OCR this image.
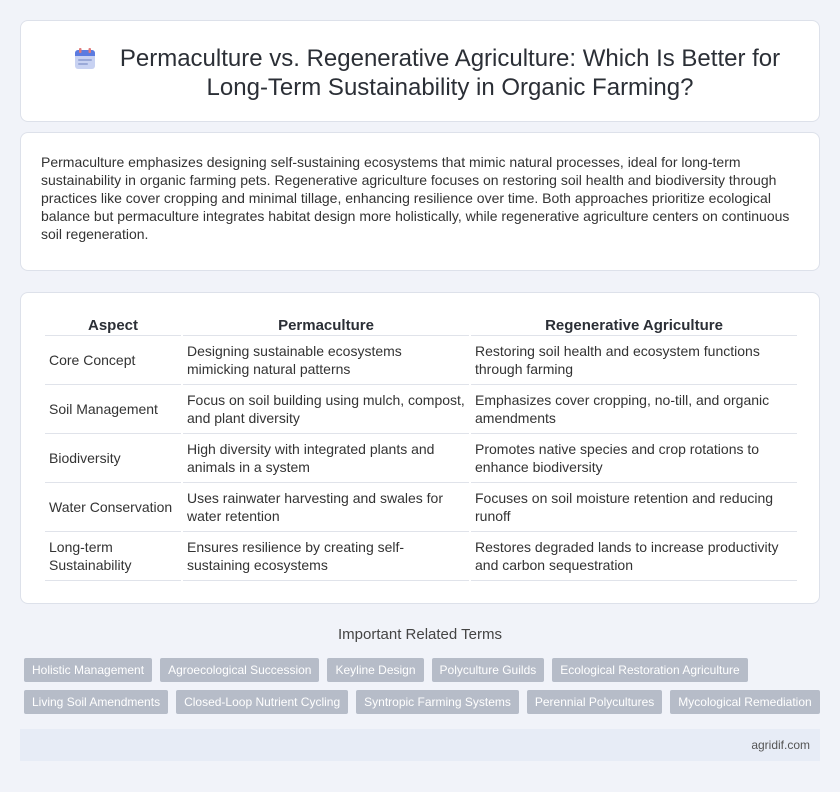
Permaculture vs. Regenerative Agriculture: Which Is Better for Long-Term Sustainability in Organic Farming?

Permaculture emphasizes designing self-sustaining ecosystems that mimic natural processes, ideal for long-term sustainability in organic farming pets. Regenerative agriculture focuses on restoring soil health and biodiversity through practices like cover cropping and minimal tillage, enhancing resilience over time. Both approaches prioritize ecological balance but permaculture integrates habitat design more holistically, while regenerative agriculture centers on continuous soil regeneration.

Aspect	Permaculture	Regenerative Agriculture
Core Concept	Designing sustainable ecosystems mimicking natural patterns	Restoring soil health and ecosystem functions through farming
Soil Management	Focus on soil building using mulch, compost, and plant diversity	Emphasizes cover cropping, no-till, and organic amendments
Biodiversity	High diversity with integrated plants and animals in a system	Promotes native species and crop rotations to enhance biodiversity
Water Conservation	Uses rainwater harvesting and swales for water retention	Focuses on soil moisture retention and reducing runoff
Long-term Sustainability	Ensures resilience by creating self-sustaining ecosystems	Restores degraded lands to increase productivity and carbon sequestration
Important Related Terms
Holistic Management	Agroecological Succession	Keyline Design	Polyculture Guilds	Ecological Restoration Agriculture
Living Soil Amendments	Closed-Loop Nutrient Cycling	Syntropic Farming Systems	Perennial Polycultures	Mycological Remediation
agridif.com
